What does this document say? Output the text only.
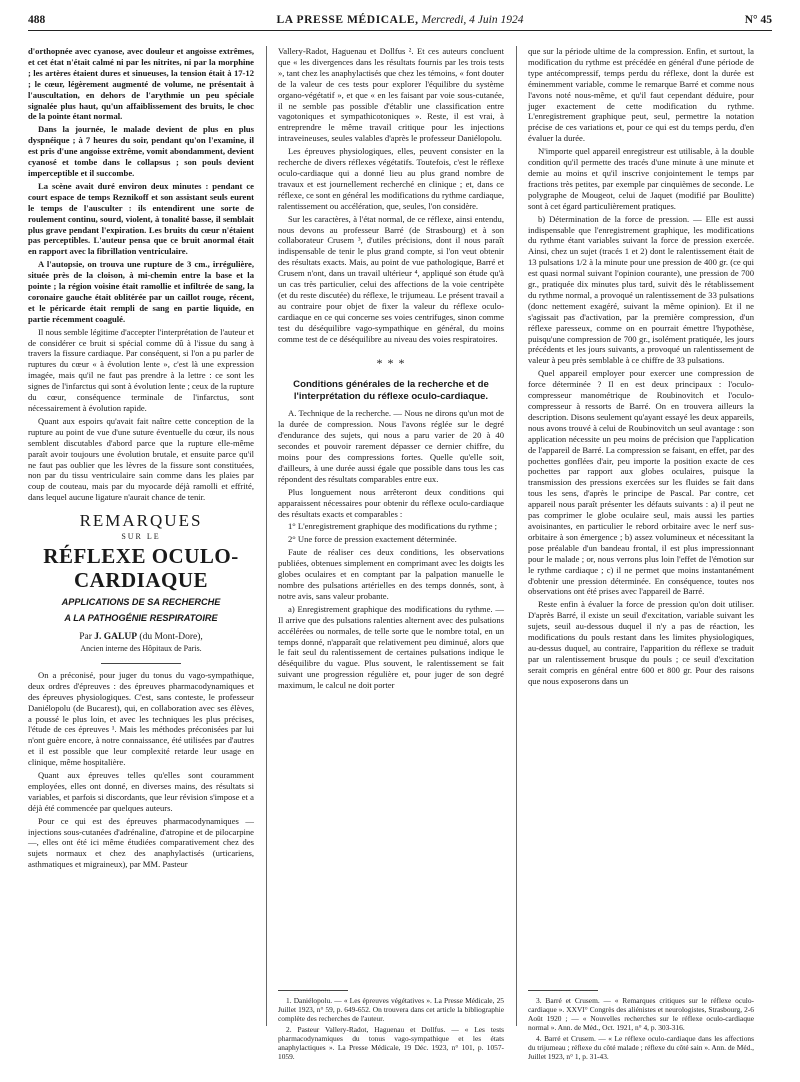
488	LA PRESSE MÉDICALE, Mercredi, 4 Juin 1924	N° 45

d'orthopnée avec cyanose, avec douleur et angoisse extrêmes, et cet état n'était calmé ni par les nitrites, ni par la morphine ; les artères étaient dures et sinueuses, la tension était à 17-12 ; le cœur, légèrement augmenté de volume, ne présentait à l'auscultation, en dehors de l'arythmie un peu spéciale signalée plus haut, qu'un affaiblissement des bruits, le choc de la pointe étant normal.

Dans la journée, le malade devient de plus en plus dyspnéique ; à 7 heures du soir, pendant qu'on l'examine, il est pris d'une angoisse extrême, vomit abondamment, devient cyanosé et tombe dans le collapsus ; son pouls devient imperceptible et il succombe.

La scène avait duré environ deux minutes : pendant ce court espace de temps Reznikoff et son assistant seuls eurent le temps de l'ausculter : ils entendirent une sorte de roulement continu, sourd, violent, à tonalité basse, il semblait plus grave pendant l'expiration. Les bruits du cœur n'étaient pas perceptibles. L'auteur pensa que ce bruit anormal était en rapport avec la fibrillation ventriculaire.

A l'autopsie, on trouva une rupture de 3 cm., irrégulière, située près de la cloison, à mi-chemin entre la base et la pointe ; la région voisine était ramollie et infiltrée de sang, la coronaire gauche était oblitérée par un caillot rouge, récent, et le péricarde était rempli de sang en partie liquide, en partie récemment coagulé.

Il nous semble légitime d'accepter l'interprétation de l'auteur et de considérer ce bruit si spécial comme dû à l'issue du sang à travers la fissure cardiaque. Par conséquent, si l'on a pu parler de ruptures du cœur « à évolution lente », c'est là une expression imagée, mais qu'il ne faut pas prendre à la lettre : ce sont les signes de l'infarctus qui sont à évolution lente ; ceux de la rupture du cœur, conséquence terminale de l'infarctus, sont nécessairement à évolution rapide.

Quant aux espoirs qu'avait fait naître cette conception de la rupture au point de vue d'une suture éventuelle du cœur, ils nous semblent discutables d'abord parce que la rupture elle-même paraît avoir toujours une évolution brutale, et ensuite parce qu'il ne faut pas oublier que les lèvres de la fissure sont constituées, non par du tissu ventriculaire sain comme dans les plaies par coup de couteau, mais par du myocarde déjà ramolli et effrité, dans lequel aucune ligature n'aurait chance de tenir.

REMARQUES
SUR LE
RÉFLEXE OCULO-CARDIAQUE
APPLICATIONS DE SA RECHERCHE
A LA PATHOGÉNIE RESPIRATOIRE
Par J. GALUP (du Mont-Dore),
Ancien interne des Hôpitaux de Paris.

On a préconisé, pour juger du tonus du vago-sympathique, deux ordres d'épreuves : des épreuves pharmacodynamiques et des épreuves physiologiques. C'est, sans conteste, le professeur Daniélopolu (de Bucarest), qui, en collaboration avec ses élèves, a poussé le plus loin, et avec les techniques les plus précises, l'étude de ces épreuves ¹. Mais les méthodes préconisées par lui n'ont guère encore, à notre connaissance, été utilisées par d'autres et il est possible que leur complexité retarde leur usage en clinique, même hospitalière.

Quant aux épreuves telles qu'elles sont couramment employées, elles ont donné, en diverses mains, des résultats si variables, et parfois si discordants, que leur révision s'impose et a déjà été commencée par quelques auteurs.

Pour ce qui est des épreuves pharmacodynamiques — injections sous-cutanées d'adrénaline, d'atropine et de pilocarpine —, elles ont été ici même étudiées comparativement chez des sujets normaux et chez des anaphylactisés (urticariens, asthmatiques et migraineux), par MM. Pasteur

Vallery-Radot, Haguenau et Dollfus ². Et ces auteurs concluent que « les divergences dans les résultats fournis par les trois tests », tant chez les anaphylactisés que chez les témoins, « font douter de la valeur de ces tests pour explorer l'équilibre du système organo-végétatif », et que « en les faisant par voie sous-cutanée, il ne semble pas possible d'établir une classification entre vagotoniques et sympathicotoniques ». Reste, il est vrai, à entreprendre le même travail critique pour les injections intraveineuses, seules valables d'après le professeur Daniélopolu.

Les épreuves physiologiques, elles, peuvent consister en la recherche de divers réflexes végétatifs. Toutefois, c'est le réflexe oculo-cardiaque qui a donné lieu au plus grand nombre de travaux et est journellement recherché en clinique ; et, dans ce réflexe, ce sont en général les modifications du rythme cardiaque, ralentissement ou accélération, que, seules, l'on considère.

Sur les caractères, à l'état normal, de ce réflexe, ainsi entendu, nous devons au professeur Barré (de Strasbourg) et à son collaborateur Crusem ³, d'utiles précisions, dont il nous paraît indispensable de tenir le plus grand compte, si l'on veut obtenir des résultats exacts. Mais, au point de vue pathologique, Barré et Crusem n'ont, dans un travail ultérieur ⁴, appliqué son étude qu'à un cas très particulier, celui des affections de la voie centripète (et du reste discutée) du réflexe, le trijumeau. Le présent travail a au contraire pour objet de fixer la valeur du réflexe oculo-cardiaque en ce qui concerne ses voies centrifuges, sinon comme test du déséquilibre vago-sympathique en général, du moins comme test de ce déséquilibre au niveau des voies respiratoires.

* * *
Conditions générales de la recherche et de l'interprétation du réflexe oculo-cardiaque.

A. Technique de la recherche. — Nous ne dirons qu'un mot de la durée de compression. Nous l'avons réglée sur le degré d'endurance des sujets, qui nous a paru varier de 20 à 40 secondes et pouvoir rarement dépasser ce dernier chiffre, du moins pour des compressions fortes. Quelle qu'elle soit, d'ailleurs, à une durée aussi égale que possible dans tous les cas répondent des résultats comparables entre eux.

Plus longuement nous arrêteront deux conditions qui apparaissent nécessaires pour obtenir du réflexe oculo-cardiaque des résultats exacts et comparables :

1° L'enregistrement graphique des modifications du rythme ;

2° Une force de pression exactement déterminée.

Faute de réaliser ces deux conditions, les observations publiées, obtenues simplement en comprimant avec les doigts les globes oculaires et en comptant par la palpation manuelle le nombre des pulsations artérielles en des temps donnés, sont, à notre avis, sans valeur probante.

a) Enregistrement graphique des modifications du rythme. — Il arrive que des pulsations ralenties alternent avec des pulsations accélérées ou normales, de telle sorte que le nombre total, en un temps donné, n'apparaît que relativement peu diminué, alors que le fait seul du ralentissement de certaines pulsations indique le déséquilibre du vague. Plus souvent, le ralentissement se fait suivant une progression régulière et, pour juger de son degré maximum, le calcul ne doit porter

que sur la période ultime de la compression. Enfin, et surtout, la modification du rythme est précédée en général d'une période de type antécompressif, temps perdu du réflexe, dont la durée est éminemment variable, comme le remarque Barré et comme nous l'avons noté nous-même, et qu'il faut cependant déduire, pour juger exactement de cette modification du rythme. L'enregistrement graphique peut, seul, permettre la notation précise de ces variations et, pour ce qui est du temps perdu, d'en évaluer la durée.

N'importe quel appareil enregistreur est utilisable, à la double condition qu'il permette des tracés d'une minute à une minute et demie au moins et qu'il inscrive conjointement le temps par fractions très petites, par exemple par cinquièmes de seconde. Le polygraphe de Mougeot, celui de Jaquet (modifié par Boulitte) sont à cet égard particulièrement pratiques.

b) Détermination de la force de pression. — Elle est aussi indispensable que l'enregistrement graphique, les modifications du rythme étant variables suivant la force de pression exercée. Ainsi, chez un sujet (tracés 1 et 2) dont le ralentissement était de 13 pulsations 1/2 à la minute pour une pression de 400 gr. (ce qui est quasi normal suivant l'opinion courante), une pression de 700 gr., pratiquée dix minutes plus tard, suivit dès le rétablissement du rythme normal, a provoqué un ralentissement de 33 pulsations (donc nettement exagéré, suivant la même opinion). Et il ne s'agissait pas d'activation, par la première compression, d'un réflexe paresseux, comme on en pourrait émettre l'hypothèse, puisqu'une compression de 700 gr., isolément pratiquée, les jours précédents et les jours suivants, a provoqué un ralentissement de valeur à peu près semblable à ce chiffre de 33 pulsations.

Quel appareil employer pour exercer une compression de force déterminée ? Il en est deux principaux : l'oculo-compresseur manométrique de Roubinovitch et l'oculo-compresseur à ressorts de Barré. On en trouvera ailleurs la description. Disons seulement qu'ayant essayé les deux appareils, nous avons trouvé à celui de Roubinovitch un seul avantage : son application nécessite un peu moins de précision que l'application de l'appareil de Barré. La compression se faisant, en effet, par des pochettes gonflées d'air, peu importe la position exacte de ces pochettes par rapport aux globes oculaires, puisque la transmission des pressions exercées sur les fluides se fait dans tous les sens, d'après le principe de Pascal. Par contre, cet appareil nous paraît présenter les défauts suivants : a) il peut ne pas comprimer le globe oculaire seul, mais aussi les parties avoisinantes, en particulier le rebord orbitaire avec le nerf sus-orbitaire à son émergence ; b) assez volumineux et nécessitant la pose préalable d'un bandeau frontal, il est plus impressionnant pour le malade ; or, nous verrons plus loin l'effet de l'émotion sur le rythme cardiaque ; c) il ne permet que moins instantanément d'obtenir une pression déterminée. En conséquence, toutes nos observations ont été prises avec l'appareil de Barré.

Reste enfin à évaluer la force de pression qu'on doit utiliser. D'après Barré, il existe un seuil d'excitation, variable suivant les sujets, seuil au-dessous duquel il n'y a pas de réaction, les modifications du pouls restant dans les limites physiologiques, au-dessus duquel, au contraire, l'apparition du réflexe se traduit par un ralentissement brusque du pouls ; ce seuil d'excitation serait compris en général entre 600 et 800 gr. Pour des raisons que nous exposerons dans un

1. Daniélopolu. — « Les épreuves végétatives ». La Presse Médicale, 25 Juillet 1923, n° 59, p. 649-652. On trouvera dans cet article la bibliographie complète des recherches de l'auteur.

2. Pasteur Vallery-Radot, Haguenau et Dollfus. — « Les tests pharmacodynamiques du tonus vago-sympathique et les états anaphylactiques ». La Presse Médicale, 19 Déc. 1923, n° 101, p. 1057-1059.

3. Barré et Crusem. — « Remarques critiques sur le réflexe oculo-cardiaque ». XXVI° Congrès des aliénistes et neurologistes, Strasbourg, 2-6 Août 1920 ; — « Nouvelles recherches sur le réflexe oculo-cardiaque normal ». Ann. de Méd., Oct. 1921, n° 4, p. 303-316.

4. Barré et Crusem. — « Le réflexe oculo-cardiaque dans les affections du trijumeau ; réflexe du côté malade ; réflexe du côté sain ». Ann. de Méd., Juillet 1923, n° 1, p. 31-43.
